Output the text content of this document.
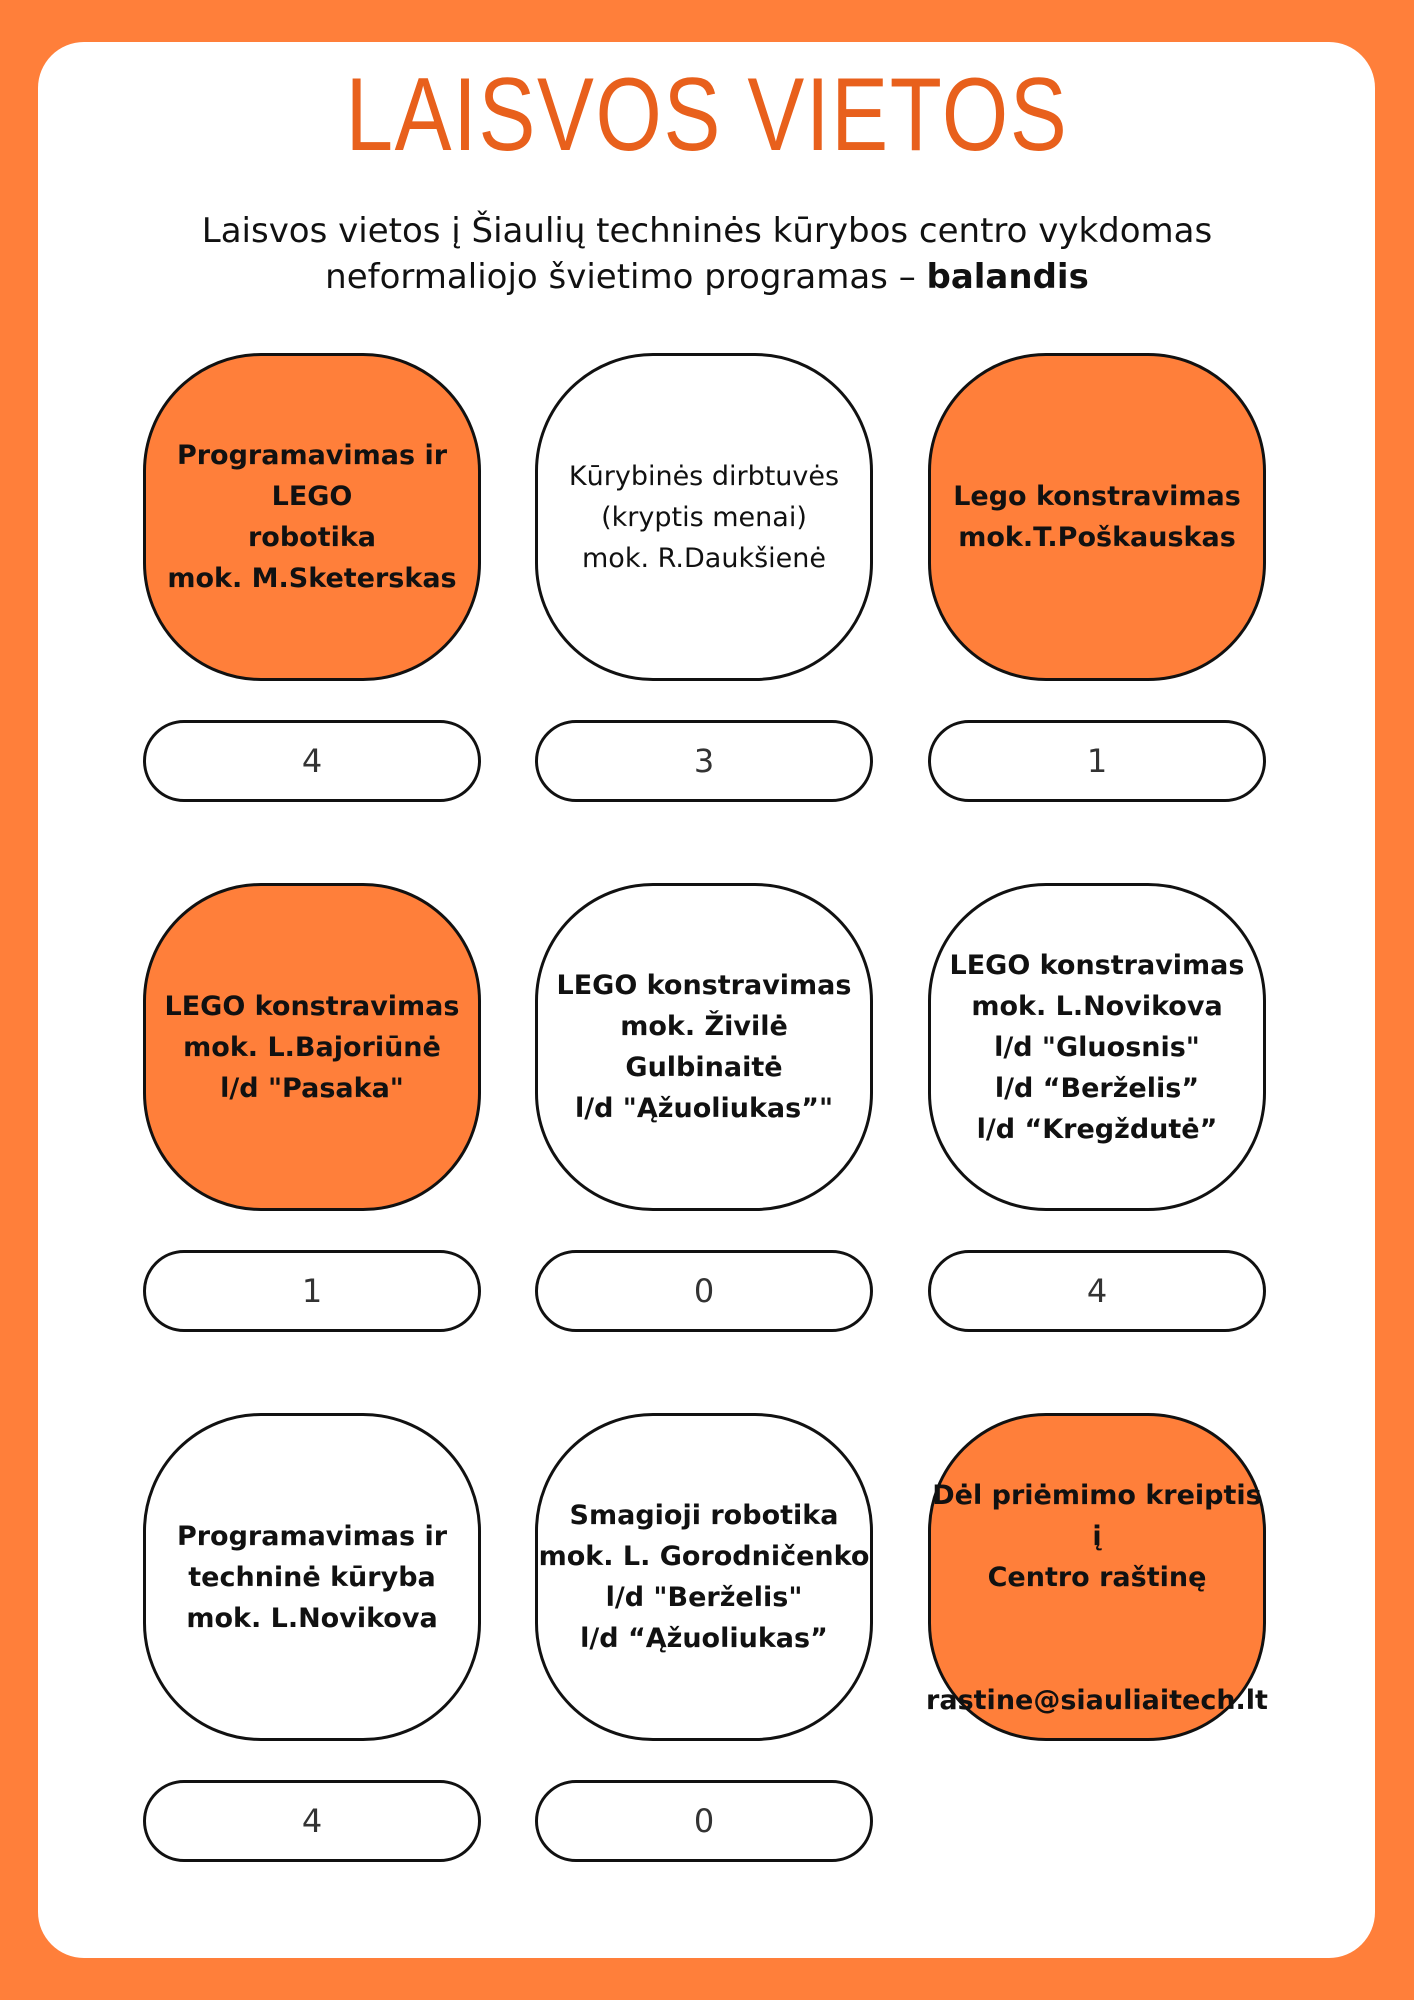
LAISVOS VIETOS
Laisvos vietos į Šiaulių techninės kūrybos centro vykdomas
neformaliojo švietimo programas – balandis
Programavimas ir LEGO
robotika
mok. M.Sketerskas
Kūrybinės dirbtuvės
(kryptis menai)
mok. R.Daukšienė
Lego konstravimas
mok.T.Poškauskas
4	3	1
LEGO konstravimas
mok. L.Bajoriūnė
l/d "Pasaka"
LEGO konstravimas
mok. Živilė Gulbinaitė
l/d "Ąžuoliukas”"
LEGO konstravimas
mok. L.Novikova
l/d "Gluosnis"
l/d “Berželis”
l/d “Kregždutė”
1	0	4
Programavimas ir
techninė kūryba
mok. L.Novikova
Smagioji robotika
mok. L. Gorodničenko
l/d "Berželis"
l/d “Ąžuoliukas”

Dėl priėmimo kreiptis į
Centro raštinę

rastine@siauliaitech.lt

4	0
